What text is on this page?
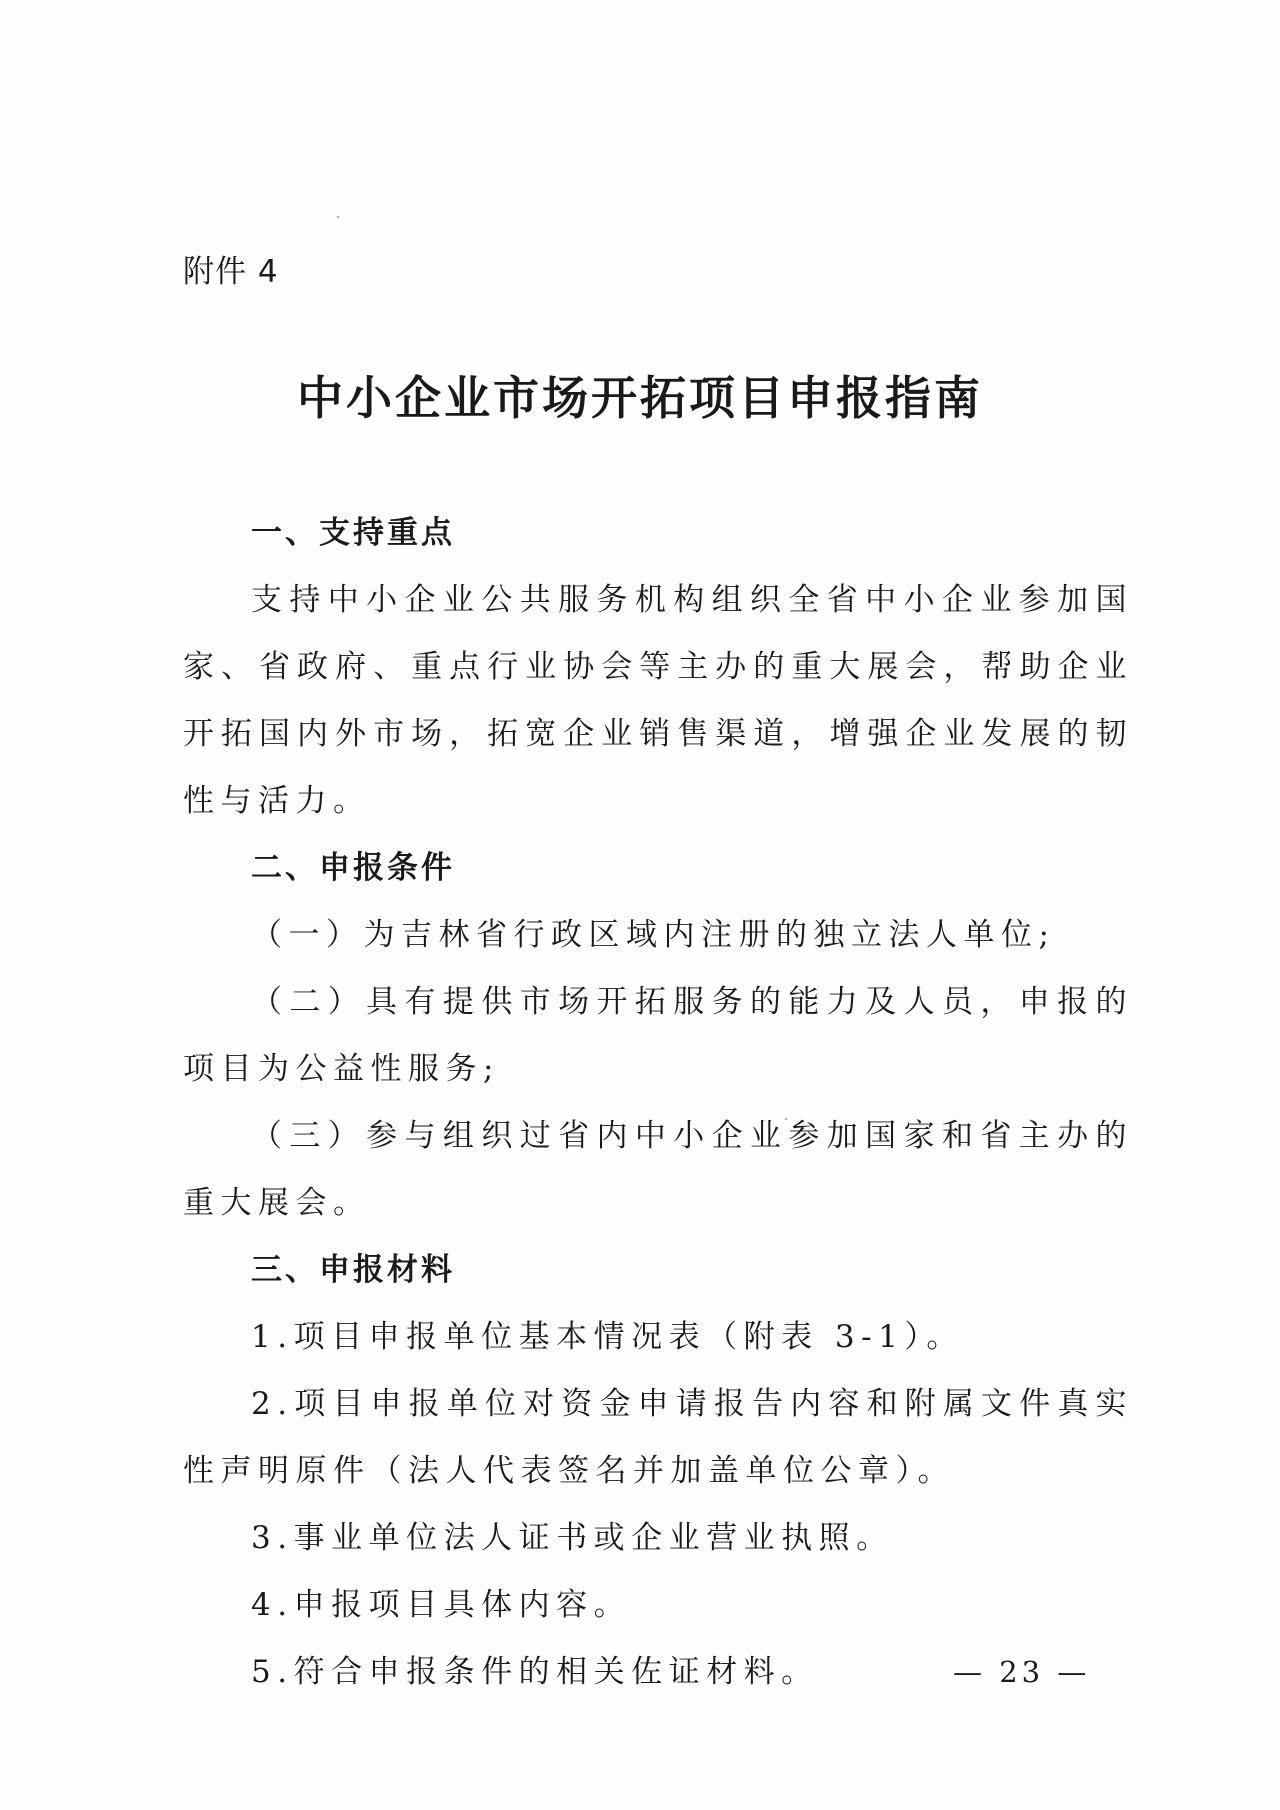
附件 4
中小企业市场开拓项目申报指南
一、支持重点

支持中小企业公共服务机构组织全省中小企业参加国家、省政府、重点行业协会等主办的重大展会，帮助企业开拓国内外市场，拓宽企业销售渠道，增强企业发展的韧性与活力。

二、申报条件

（一）为吉林省行政区域内注册的独立法人单位;

（二）具有提供市场开拓服务的能力及人员，申报的项目为公益性服务;

（三）参与组织过省内中小企业参加国家和省主办的重大展会。

三、申报材料

1.项目申报单位基本情况表（附表 3-1）。

2.项目申报单位对资金申请报告内容和附属文件真实性声明原件（法人代表签名并加盖单位公章）。

3.事业单位法人证书或企业营业执照。

4.申报项目具体内容。

5.符合申报条件的相关佐证材料。	— 23 —
